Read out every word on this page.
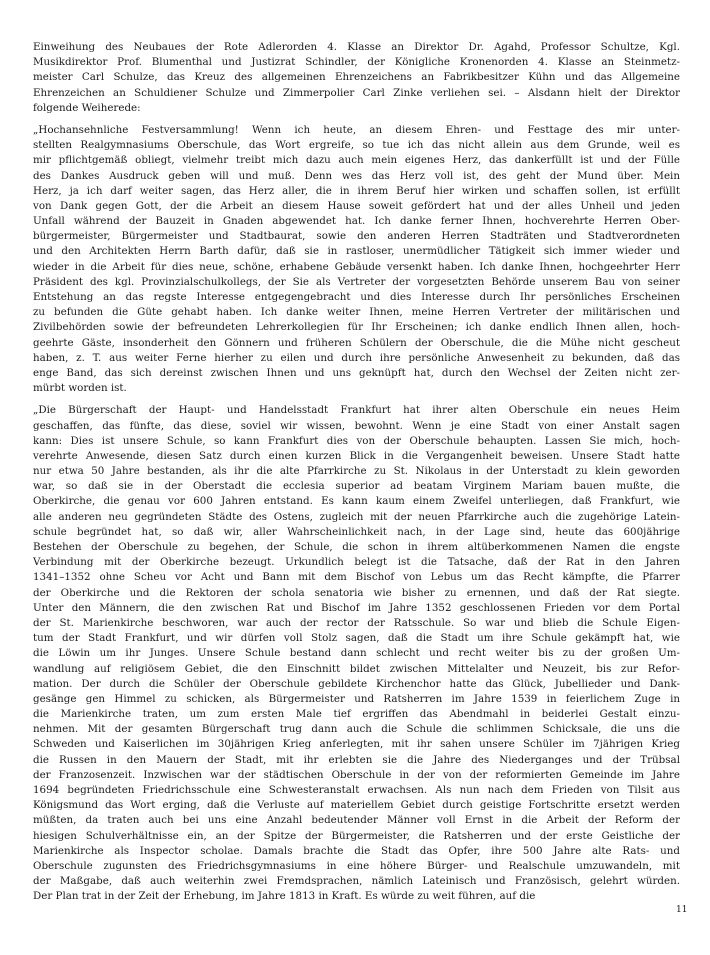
Einweihung des Neubaues der Rote Adlerorden 4. Klasse an Direktor Dr. Agahd, Professor Schultze, Kgl.
Musikdirektor Prof. Blumenthal und Justizrat Schindler, der Königliche Kronenorden 4. Klasse an Steinmetz-
meister Carl Schulze, das Kreuz des allgemeinen Ehrenzeichens an Fabrikbesitzer Kühn und das Allgemeine
Ehrenzeichen an Schuldiener Schulze und Zimmerpolier Carl Zinke verliehen sei. – Alsdann hielt der Direktor
folgende Weiherede:
„Hochansehnliche Festversammlung! Wenn ich heute, an diesem Ehren- und Festtage des mir unter-
stellten Realgymnasiums Oberschule, das Wort ergreife, so tue ich das nicht allein aus dem Grunde, weil es
mir pflichtgemäß obliegt, vielmehr treibt mich dazu auch mein eigenes Herz, das dankerfüllt ist und der Fülle
des Dankes Ausdruck geben will und muß. Denn wes das Herz voll ist, des geht der Mund über. Mein
Herz, ja ich darf weiter sagen, das Herz aller, die in ihrem Beruf hier wirken und schaffen sollen, ist erfüllt
von Dank gegen Gott, der die Arbeit an diesem Hause soweit gefördert hat und der alles Unheil und jeden
Unfall während der Bauzeit in Gnaden abgewendet hat. Ich danke ferner Ihnen, hochverehrte Herren Ober-
bürgermeister, Bürgermeister und Stadtbaurat, sowie den anderen Herren Stadträten und Stadtverordneten
und den Architekten Herrn Barth dafür, daß sie in rastloser, unermüdlicher Tätigkeit sich immer wieder und
wieder in die Arbeit für dies neue, schöne, erhabene Gebäude versenkt haben. Ich danke Ihnen, hochgeehrter Herr
Präsident des kgl. Provinzialschulkollegs, der Sie als Vertreter der vorgesetzten Behörde unserem Bau von seiner
Entstehung an das regste Interesse entgegengebracht und dies Interesse durch Ihr persönliches Erscheinen
zu befunden die Güte gehabt haben. Ich danke weiter Ihnen, meine Herren Vertreter der militärischen und
Zivilbehörden sowie der befreundeten Lehrerkollegien für Ihr Erscheinen; ich danke endlich Ihnen allen, hoch-
geehrte Gäste, insonderheit den Gönnern und früheren Schülern der Oberschule, die die Mühe nicht gescheut
haben, z. T. aus weiter Ferne hierher zu eilen und durch ihre persönliche Anwesenheit zu bekunden, daß das
enge Band, das sich dereinst zwischen Ihnen und uns geknüpft hat, durch den Wechsel der Zeiten nicht zer-
mürbt worden ist.
„Die Bürgerschaft der Haupt- und Handelsstadt Frankfurt hat ihrer alten Oberschule ein neues Heim
geschaffen, das fünfte, das diese, soviel wir wissen, bewohnt. Wenn je eine Stadt von einer Anstalt sagen
kann: Dies ist unsere Schule, so kann Frankfurt dies von der Oberschule behaupten. Lassen Sie mich, hoch-
verehrte Anwesende, diesen Satz durch einen kurzen Blick in die Vergangenheit beweisen. Unsere Stadt hatte
nur etwa 50 Jahre bestanden, als ihr die alte Pfarrkirche zu St. Nikolaus in der Unterstadt zu klein geworden
war, so daß sie in der Oberstadt die ecclesia superior ad beatam Virginem Mariam bauen mußte, die
Oberkirche, die genau vor 600 Jahren entstand. Es kann kaum einem Zweifel unterliegen, daß Frankfurt, wie
alle anderen neu gegründeten Städte des Ostens, zugleich mit der neuen Pfarrkirche auch die zugehörige Latein-
schule begründet hat, so daß wir, aller Wahrscheinlichkeit nach, in der Lage sind, heute das 600jährige
Bestehen der Oberschule zu begehen, der Schule, die schon in ihrem altüberkommenen Namen die engste
Verbindung mit der Oberkirche bezeugt. Urkundlich belegt ist die Tatsache, daß der Rat in den Jahren
1341–1352 ohne Scheu vor Acht und Bann mit dem Bischof von Lebus um das Recht kämpfte, die Pfarrer
der Oberkirche und die Rektoren der schola senatoria wie bisher zu ernennen, und daß der Rat siegte.
Unter den Männern, die den zwischen Rat und Bischof im Jahre 1352 geschlossenen Frieden vor dem Portal
der St. Marienkirche beschworen, war auch der rector der Ratsschule. So war und blieb die Schule Eigen-
tum der Stadt Frankfurt, und wir dürfen voll Stolz sagen, daß die Stadt um ihre Schule gekämpft hat, wie
die Löwin um ihr Junges. Unsere Schule bestand dann schlecht und recht weiter bis zu der großen Um-
wandlung auf religiösem Gebiet, die den Einschnitt bildet zwischen Mittelalter und Neuzeit, bis zur Refor-
mation. Der durch die Schüler der Oberschule gebildete Kirchenchor hatte das Glück, Jubellieder und Dank-
gesänge gen Himmel zu schicken, als Bürgermeister und Ratsherren im Jahre 1539 in feierlichem Zuge in
die Marienkirche traten, um zum ersten Male tief ergriffen das Abendmahl in beiderlei Gestalt einzu-
nehmen. Mit der gesamten Bürgerschaft trug dann auch die Schule die schlimmen Schicksale, die uns die
Schweden und Kaiserlichen im 30jährigen Krieg anferlegten, mit ihr sahen unsere Schüler im 7jährigen Krieg
die Russen in den Mauern der Stadt, mit ihr erlebten sie die Jahre des Niederganges und der Trübsal
der Franzosenzeit. Inzwischen war der städtischen Oberschule in der von der reformierten Gemeinde im Jahre
1694 begründeten Friedrichsschule eine Schwesteranstalt erwachsen. Als nun nach dem Frieden von Tilsit aus
Königsmund das Wort erging, daß die Verluste auf materiellem Gebiet durch geistige Fortschritte ersetzt werden
müßten, da traten auch bei uns eine Anzahl bedeutender Männer voll Ernst in die Arbeit der Reform der
hiesigen Schulverhältnisse ein, an der Spitze der Bürgermeister, die Ratsherren und der erste Geistliche der
Marienkirche als Inspector scholae. Damals brachte die Stadt das Opfer, ihre 500 Jahre alte Rats- und
Oberschule zugunsten des Friedrichsgymnasiums in eine höhere Bürger- und Realschule umzuwandeln, mit
der Maßgabe, daß auch weiterhin zwei Fremdsprachen, nämlich Lateinisch und Französisch, gelehrt würden.
Der Plan trat in der Zeit der Erhebung, im Jahre 1813 in Kraft. Es würde zu weit führen, auf die
11
